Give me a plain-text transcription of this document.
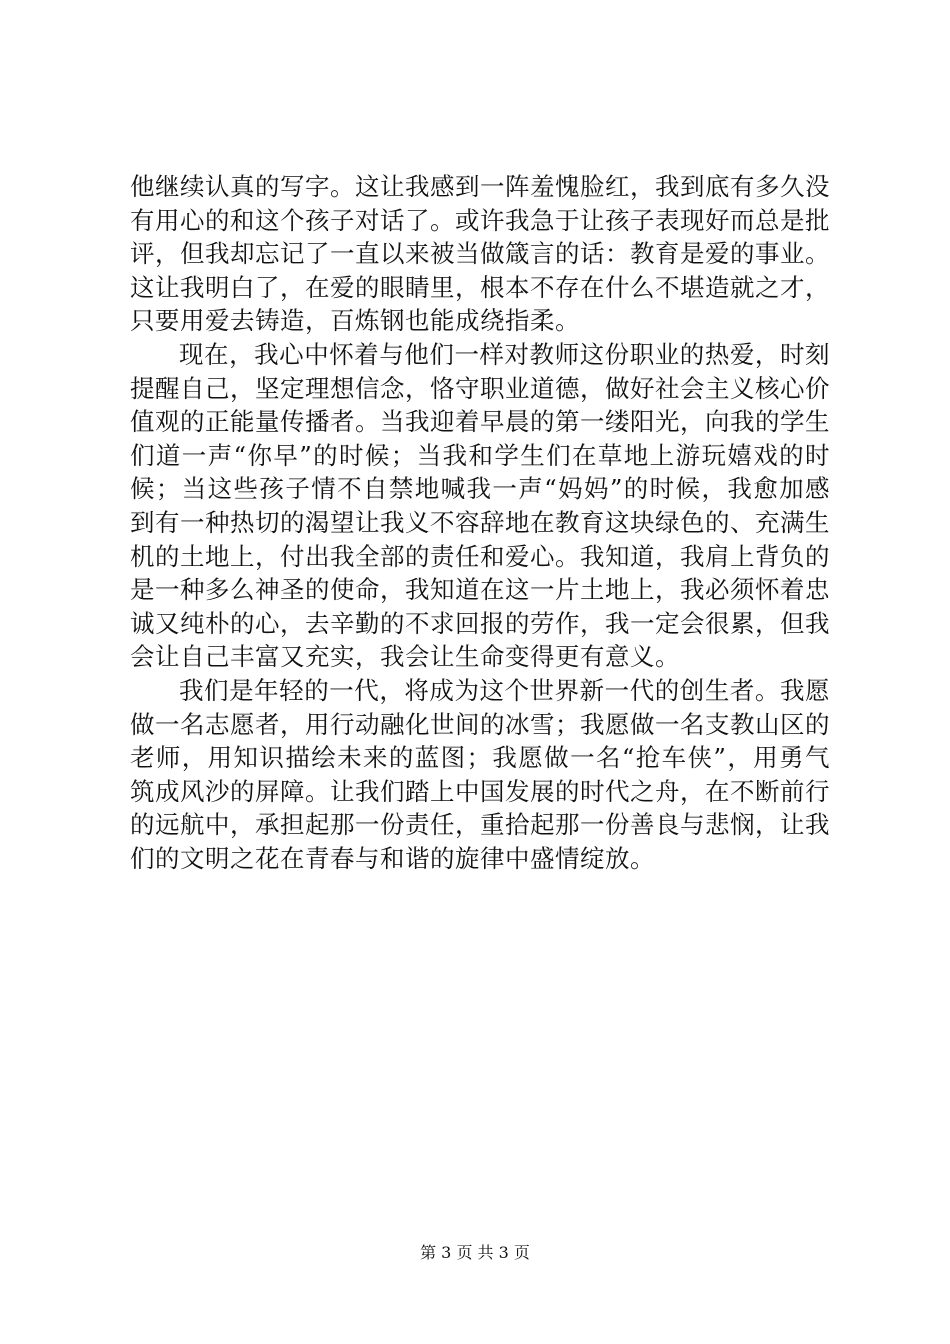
他继续认真的写字。这让我感到一阵羞愧脸红，我到底有多久没有用心的和这个孩子对话了。或许我急于让孩子表现好而总是批评，但我却忘记了一直以来被当做箴言的话：教育是爱的事业。这让我明白了，在爱的眼睛里，根本不存在什么不堪造就之才，只要用爱去铸造，百炼钢也能成绕指柔。

现在，我心中怀着与他们一样对教师这份职业的热爱，时刻提醒自己，坚定理想信念，恪守职业道德，做好社会主义核心价值观的正能量传播者。当我迎着早晨的第一缕阳光，向我的学生们道一声“你早”的时候；当我和学生们在草地上游玩嬉戏的时候；当这些孩子情不自禁地喊我一声“妈妈”的时候，我愈加感到有一种热切的渴望让我义不容辞地在教育这块绿色的、充满生机的土地上，付出我全部的责任和爱心。我知道，我肩上背负的是一种多么神圣的使命，我知道在这一片土地上，我必须怀着忠诚又纯朴的心，去辛勤的不求回报的劳作，我一定会很累，但我会让自己丰富又充实，我会让生命变得更有意义。

我们是年轻的一代，将成为这个世界新一代的创生者。我愿做一名志愿者，用行动融化世间的冰雪；我愿做一名支教山区的老师，用知识描绘未来的蓝图；我愿做一名“抢车侠”，用勇气筑成风沙的屏障。让我们踏上中国发展的时代之舟，在不断前行的远航中，承担起那一份责任，重拾起那一份善良与悲悯，让我们的文明之花在青春与和谐的旋律中盛情绽放。

第 3 页 共 3 页
